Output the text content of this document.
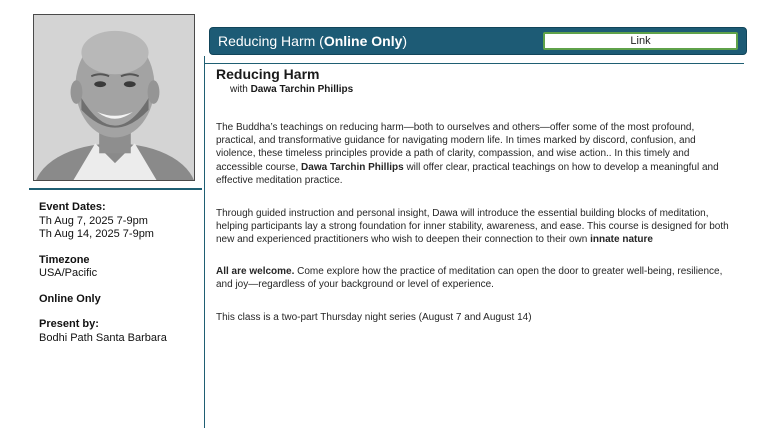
Event Dates:
Th Aug 7, 2025 7-9pm
Th Aug 14, 2025 7-9pm
Timezone
USA/Pacific
Online Only
Present by:
Bodhi Path Santa Barbara
Reducing Harm (Online Only)	Link
Reducing Harm
with Dawa Tarchin Phillips

The Buddha’s teachings on reducing harm—both to ourselves and others—offer some of the most profound, practical, and transformative guidance for navigating modern life. In times marked by discord, confusion, and violence, these timeless principles provide a path of clarity, compassion, and wise action.. In this timely and accessible course, Dawa Tarchin Phillips will offer clear, practical teachings on how to develop a meaningful and effective meditation practice.

Through guided instruction and personal insight, Dawa will introduce the essential building blocks of meditation, helping participants lay a strong foundation for inner stability, awareness, and ease. This course is designed for both new and experienced practitioners who wish to deepen their connection to their own innate nature

All are welcome. Come explore how the practice of meditation can open the door to greater well-being, resilience, and joy—regardless of your background or level of experience.

This class is a two-part Thursday night series (August 7 and August 14)
